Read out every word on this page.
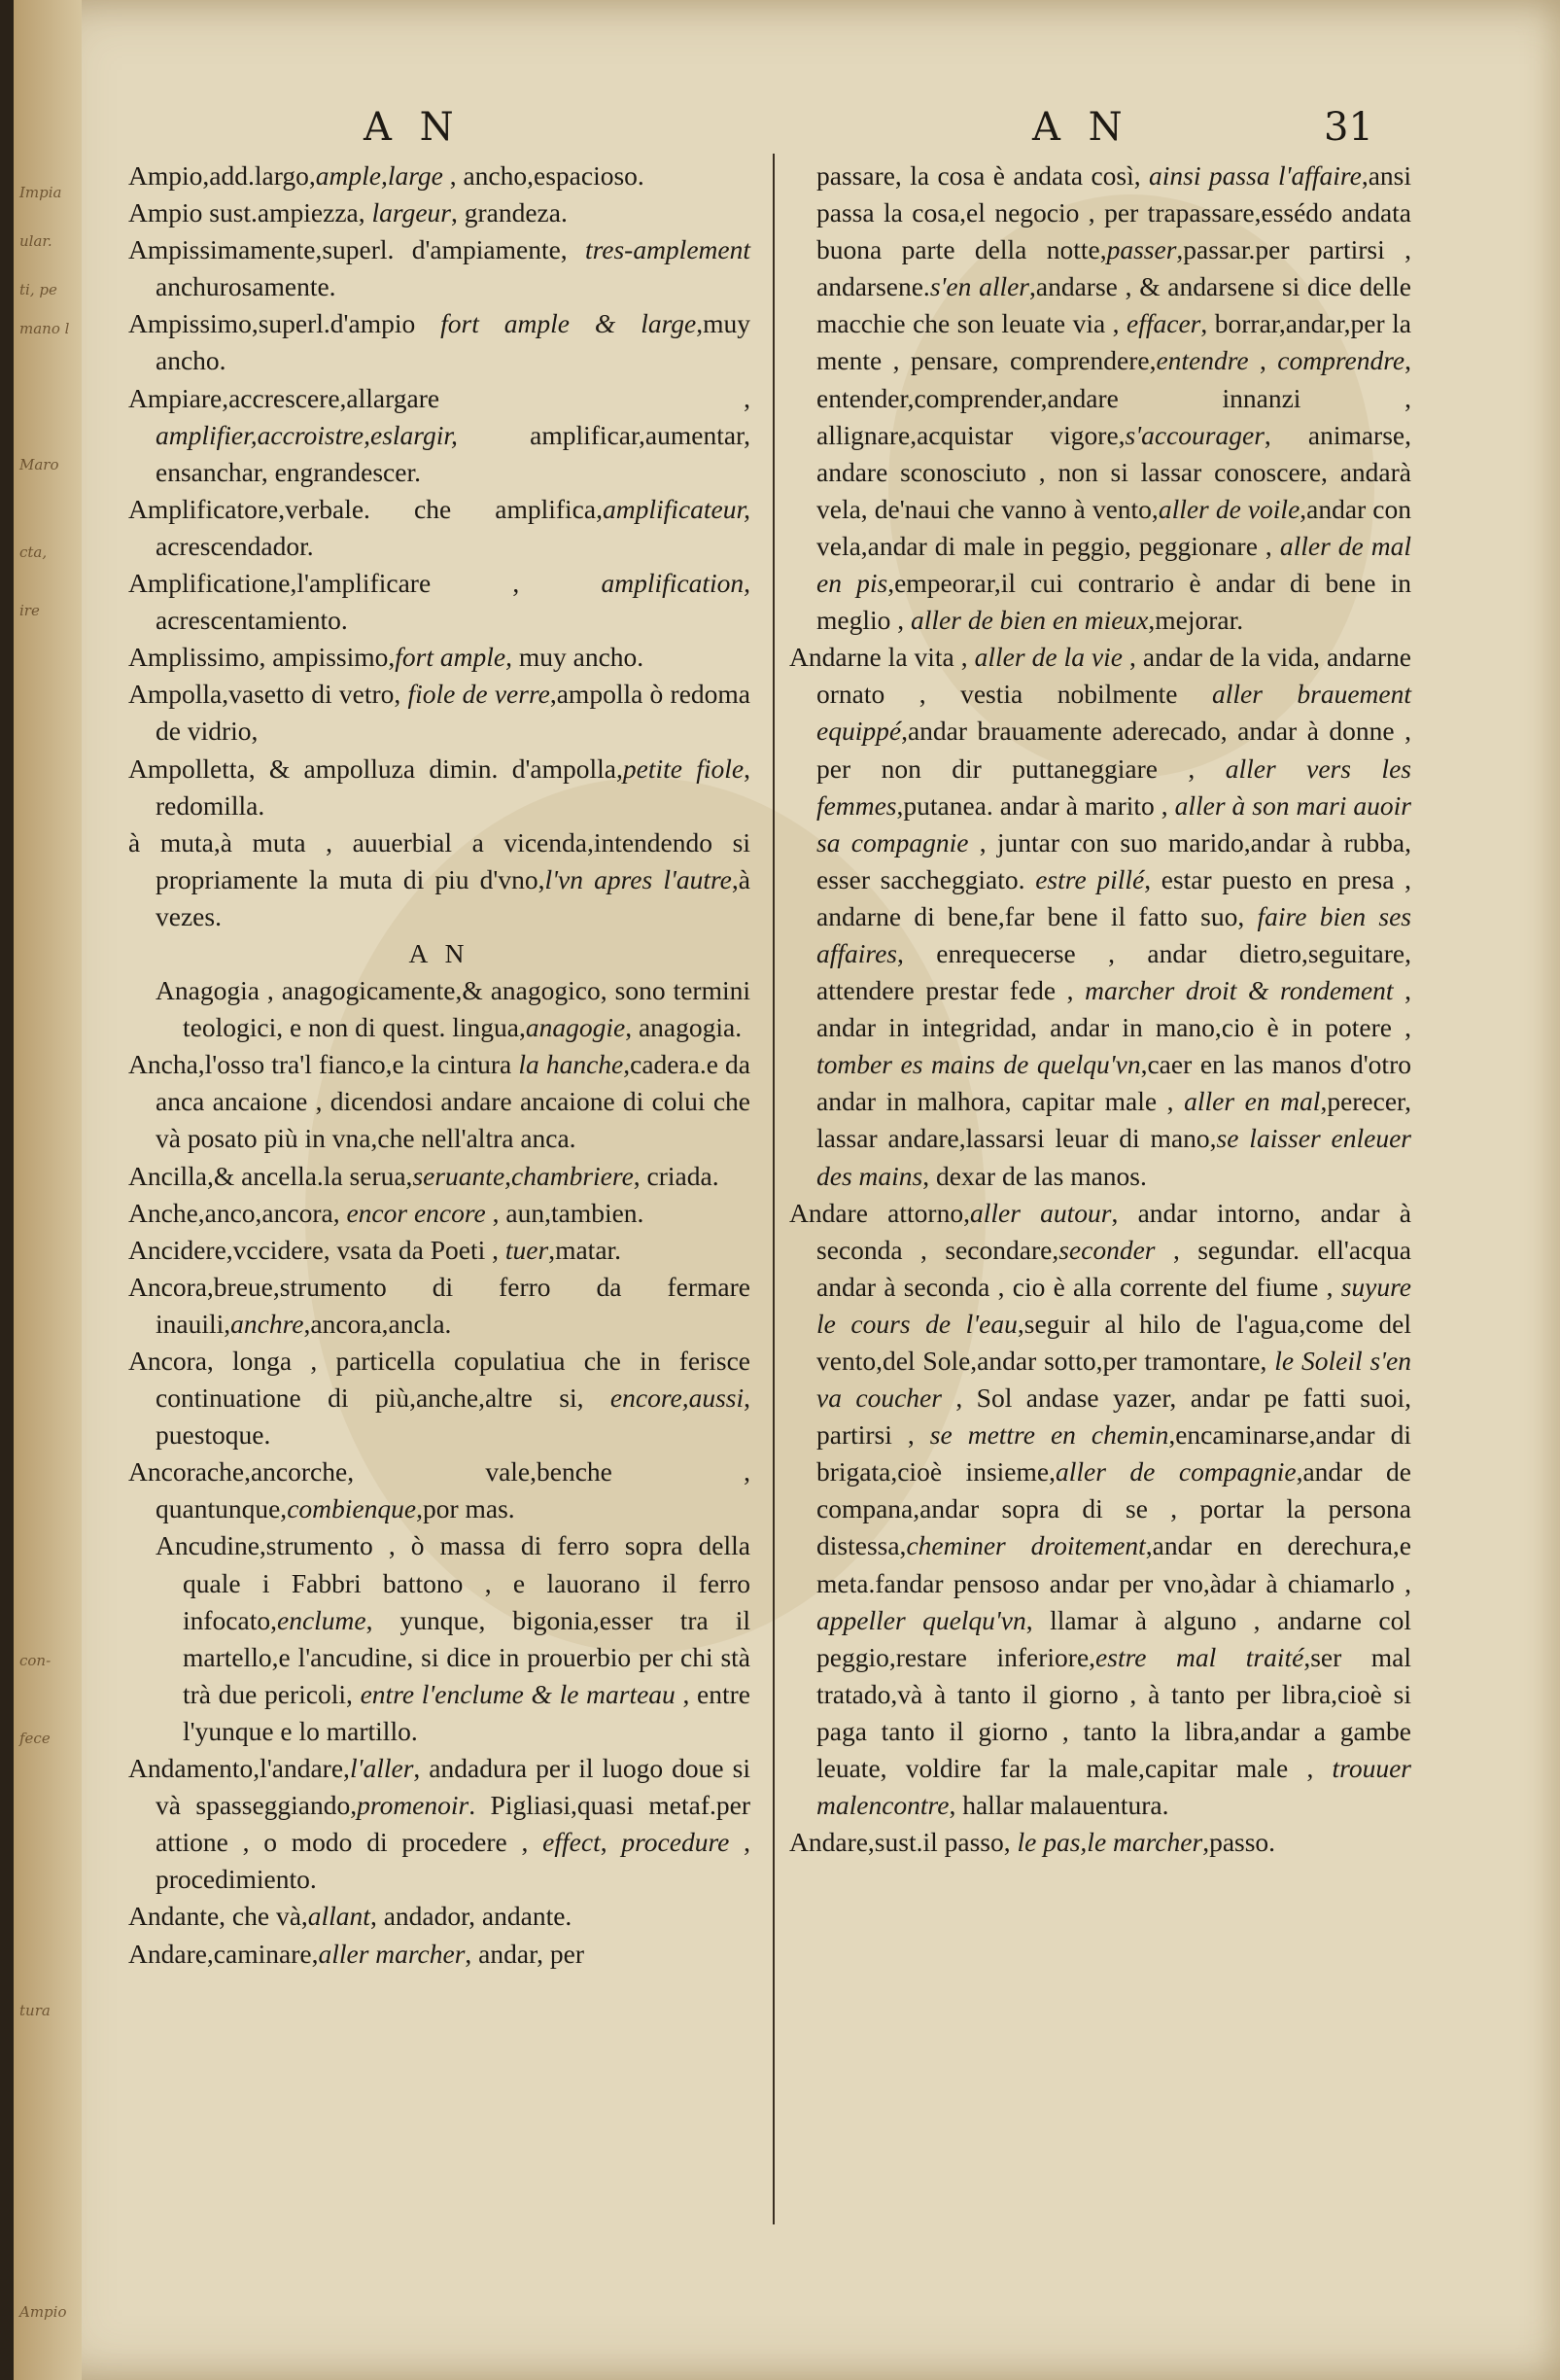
Impia
ular.
ti, pe
mano l
Maro
cta,
ire
con-
fece
tura
Ampio
A N	A N	31

Ampio,add.largo,ample,large , ancho,espacioso.

Ampio sust.ampiezza, largeur, grandeza.

Ampissimamente,superl. d'ampiamente, tres-amplement anchurosamente.

Ampissimo,superl.d'ampio fort ample & large,muy ancho.

Ampiare,accrescere,allargare , amplifier,accroistre,eslargir, amplificar,aumentar, ensanchar, engrandescer.

Amplificatore,verbale. che amplifica,amplificateur, acrescendador.

Amplificatione,l'amplificare , amplification, acrescentamiento.

Amplissimo, ampissimo,fort ample, muy ancho.

Ampolla,vasetto di vetro, fiole de verre,ampolla ò redoma de vidrio,

Ampolletta, & ampolluza dimin. d'ampolla,petite fiole, redomilla.

à muta,à muta , auuerbial a vicenda,intendendo si propriamente la muta di piu d'vno,l'vn apres l'autre,à vezes.

A N

Anagogia , anagogicamente,& anagogico, sono termini teologici, e non di quest. lingua,anagogie, anagogia.

Ancha,l'osso tra'l fianco,e la cintura la hanche,cadera.e da anca ancaione , dicendosi andare ancaione di colui che và posato più in vna,che nell'altra anca.

Ancilla,& ancella.la serua,seruante,chambriere, criada.

Anche,anco,ancora, encor encore , aun,tambien.

Ancidere,vccidere, vsata da Poeti , tuer,matar.

Ancora,breue,strumento di ferro da fermare inauili,anchre,ancora,ancla.

Ancora, longa , particella copulatiua che in ferisce continuatione di più,anche,altre si, encore,aussi, puestoque.

Ancorache,ancorche, vale,benche , quantunque,combienque,por mas.

Ancudine,strumento , ò massa di ferro sopra della quale i Fabbri battono , e lauorano il ferro infocato,enclume, yunque, bigonia,esser tra il martello,e l'ancudine, si dice in prouerbio per chi stà trà due pericoli, entre l'enclume & le marteau , entre l'yunque e lo martillo.

Andamento,l'andare,l'aller, andadura per il luogo doue si và spasseggiando,promenoir. Pigliasi,quasi metaf.per attione , o modo di procedere , effect, procedure , procedimiento.

Andante, che và,allant, andador, andante.

Andare,caminare,aller marcher, andar, per

passare, la cosa è andata così, ainsi passa l'affaire,ansi passa la cosa,el negocio , per trapassare,essédo andata buona parte della notte,passer,passar.per partirsi , andarsene.s'en aller,andarse , & andarsene si dice delle macchie che son leuate via , effacer, borrar,andar,per la mente , pensare, comprendere,entendre , comprendre, entender,comprender,andare innanzi , allignare,acquistar vigore,s'accourager, animarse, andare sconosciuto , non si lassar conoscere, andarà vela, de'naui che vanno à vento,aller de voile,andar con vela,andar di male in peggio, peggionare , aller de mal en pis,empeorar,il cui contrario è andar di bene in meglio , aller de bien en mieux,mejorar.

Andarne la vita , aller de la vie , andar de la vida, andarne ornato , vestia nobilmente aller brauement equippé,andar brauamente aderecado, andar à donne , per non dir puttaneggiare , aller vers les femmes,putanea. andar à marito , aller à son mari auoir sa compagnie , juntar con suo marido,andar à rubba, esser saccheggiato. estre pillé, estar puesto en presa , andarne di bene,far bene il fatto suo, faire bien ses affaires, enrequecerse , andar dietro,seguitare, attendere prestar fede , marcher droit & rondement , andar in integridad, andar in mano,cio è in potere , tomber es mains de quelqu'vn,caer en las manos d'otro andar in malhora, capitar male , aller en mal,perecer, lassar andare,lassarsi leuar di mano,se laisser enleuer des mains, dexar de las manos.

Andare attorno,aller autour, andar intorno, andar à seconda , secondare,seconder , segundar. ell'acqua andar à seconda , cio è alla corrente del fiume , suyure le cours de l'eau,seguir al hilo de l'agua,come del vento,del Sole,andar sotto,per tramontare, le Soleil s'en va coucher , Sol andase yazer, andar pe fatti suoi, partirsi , se mettre en chemin,encaminarse,andar di brigata,cioè insieme,aller de compagnie,andar de compana,andar sopra di se , portar la persona distessa,cheminer droitement,andar en derechura,e meta.fandar pensoso andar per vno,àdar à chiamarlo , appeller quelqu'vn, llamar à alguno , andarne col peggio,restare inferiore,estre mal traité,ser mal tratado,và à tanto il giorno , à tanto per libra,cioè si paga tanto il giorno , tanto la libra,andar a gambe leuate, voldire far la male,capitar male , trouuer malencontre, hallar malauentura.

Andare,sust.il passo, le pas,le marcher,passo.
